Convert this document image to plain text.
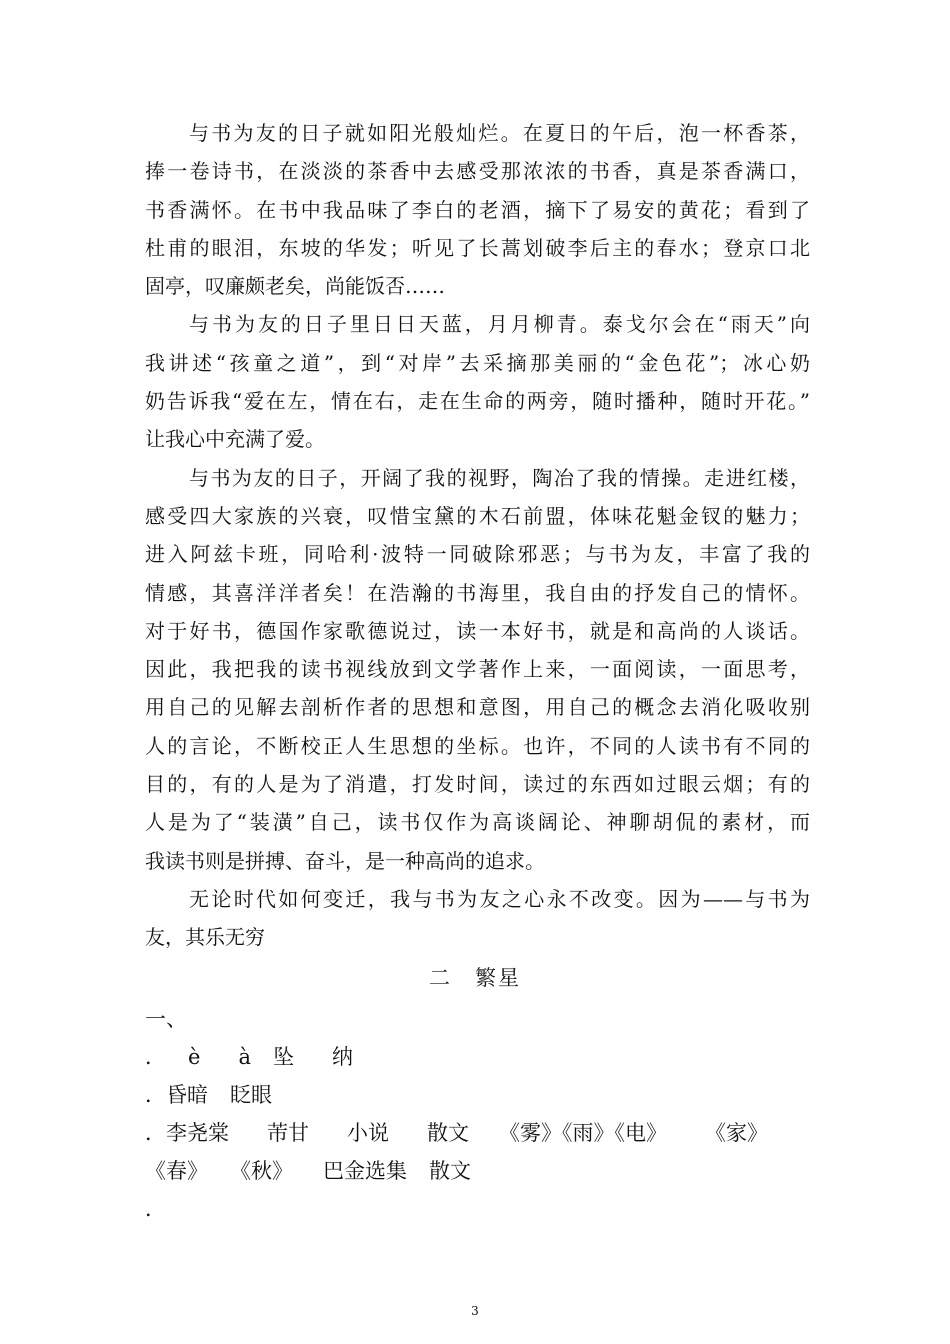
与书为友的日子就如阳光般灿烂。在夏日的午后，泡一杯香茶，
捧一卷诗书，在淡淡的茶香中去感受那浓浓的书香，真是茶香满口，
书香满怀。在书中我品味了李白的老酒，摘下了易安的黄花；看到了
杜甫的眼泪，东坡的华发；听见了长蒿划破李后主的春水；登京口北
固亭，叹廉颇老矣，尚能饭否……
与书为友的日子里日日天蓝，月月柳青。泰戈尔会在“雨天”向
我讲述“孩童之道”，到“对岸”去采摘那美丽的“金色花”；冰心奶
奶告诉我“爱在左，情在右，走在生命的两旁，随时播种，随时开花。”
让我心中充满了爱。
与书为友的日子，开阔了我的视野，陶冶了我的情操。走进红楼，
感受四大家族的兴衰，叹惜宝黛的木石前盟，体味花魁金钗的魅力；
进入阿兹卡班，同哈利·波特一同破除邪恶；与书为友，丰富了我的
情感，其喜洋洋者矣！在浩瀚的书海里，我自由的抒发自己的情怀。
对于好书，德国作家歌德说过，读一本好书，就是和高尚的人谈话。
因此，我把我的读书视线放到文学著作上来，一面阅读，一面思考，
用自己的见解去剖析作者的思想和意图，用自己的概念去消化吸收别
人的言论，不断校正人生思想的坐标。也许，不同的人读书有不同的
目的，有的人是为了消遣，打发时间，读过的东西如过眼云烟；有的
人是为了“装潢”自己，读书仅作为高谈阔论、神聊胡侃的素材，而
我读书则是拼搏、奋斗，是一种高尚的追求。
无论时代如何变迁，我与书为友之心永不改变。因为——与书为
友，其乐无穷
二　繁星
一、
． è à 坠 纳
．昏暗 眨眼
．李尧棠 芾甘 小说 散文 《雾》《雨》《电》 《家》
《春》 《秋》 巴金选集 散文
．
3
